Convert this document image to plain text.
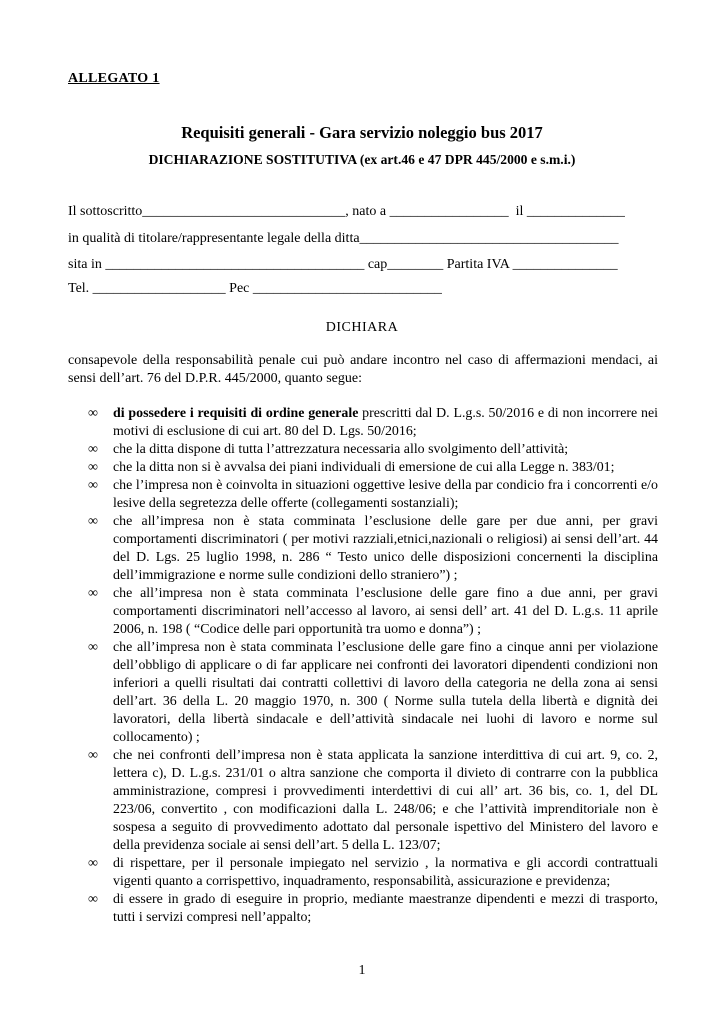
ALLEGATO 1
Requisiti generali - Gara servizio noleggio bus 2017
DICHIARAZIONE SOSTITUTIVA (ex art.46 e 47 DPR 445/2000 e s.m.i.)
Il sottoscritto_____________________________, nato a _________________  il ______________
in qualità di titolare/rappresentante legale della ditta_____________________________________
sita in _____________________________________ cap________ Partita IVA _______________
Tel. ___________________ Pec ___________________________
DICHIARA
consapevole della responsabilità penale cui può andare incontro nel caso di affermazioni mendaci, ai sensi dell’art. 76 del D.P.R. 445/2000, quanto segue:
∞ di possedere i requisiti di ordine generale prescritti dal D. L.g.s. 50/2016 e di non incorrere nei motivi di esclusione di cui art. 80 del D. Lgs. 50/2016;
∞ che la ditta dispone di tutta l’attrezzatura necessaria allo svolgimento dell’attività;
∞ che la ditta non si è avvalsa dei piani individuali di emersione de cui alla Legge n. 383/01;
∞ che l’impresa non è coinvolta in situazioni oggettive lesive della par condicio fra i concorrenti e/o lesive della segretezza delle offerte (collegamenti sostanziali);
∞ che all’impresa non è stata comminata l’esclusione delle gare per due anni, per gravi comportamenti discriminatori ( per motivi razziali,etnici,nazionali o religiosi) ai sensi dell’art. 44 del D. Lgs. 25 luglio 1998, n. 286 “ Testo unico delle disposizioni concernenti la disciplina dell’immigrazione e norme sulle condizioni dello straniero”) ;
∞ che all’impresa non è stata comminata l’esclusione delle gare fino a due anni, per gravi comportamenti discriminatori nell’accesso al lavoro, ai sensi dell’ art. 41 del D. L.g.s. 11 aprile 2006, n. 198 ( “Codice delle pari opportunità tra uomo e donna”) ;
∞ che all’impresa non è stata comminata l’esclusione delle gare fino a cinque anni per violazione dell’obbligo di applicare o di far applicare nei confronti dei lavoratori dipendenti condizioni non inferiori a quelli risultati dai contratti collettivi di lavoro della categoria ne della zona ai sensi dell’art. 36 della L. 20 maggio 1970, n. 300 ( Norme sulla tutela della libertà e dignità dei lavoratori, della libertà sindacale e dell’attività sindacale nei luohi di lavoro e norme sul collocamento) ;
∞ che nei confronti dell’impresa non è stata applicata la sanzione interdittiva di cui art. 9, co. 2, lettera c), D. L.g.s. 231/01 o altra sanzione che comporta il divieto di contrarre con la pubblica amministrazione, compresi i provvedimenti interdettivi di cui all’ art. 36 bis, co. 1, del DL 223/06, convertito , con modificazioni dalla L. 248/06; e che l’attività imprenditoriale non è sospesa a seguito di provvedimento adottato dal personale ispettivo del Ministero del lavoro e della previdenza sociale ai sensi dell’art. 5 della L. 123/07;
∞ di rispettare, per il personale impiegato nel servizio , la normativa e gli accordi contrattuali vigenti quanto a corrispettivo, inquadramento, responsabilità, assicurazione e previdenza;
∞ di essere in grado di eseguire in proprio, mediante maestranze dipendenti e mezzi di trasporto, tutti i servizi compresi nell’appalto;
1
